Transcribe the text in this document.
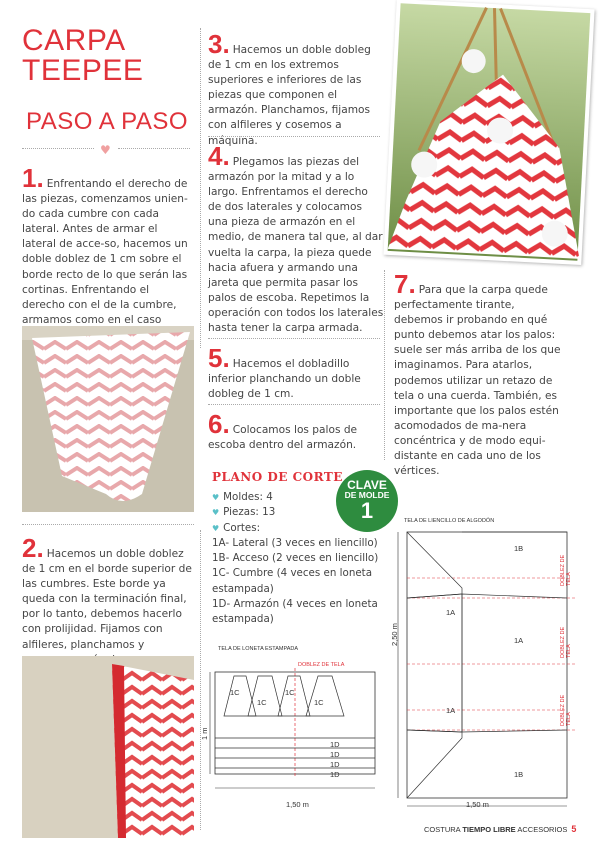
CARPA
TEEPEE
PASO A PASO
♥
1. Enfrentando el derecho de las piezas, comenzamos unien-do cada cumbre con cada lateral. Antes de armar el lateral de acce-so, hacemos un doble doblez de 1 cm sobre el borde recto de lo que serán las cortinas. Enfrentando el derecho con el de la cumbre, armamos como en el caso
2. Hacemos un doble doblez de 1 cm en el borde superior de las cumbres. Este borde ya queda con la terminación final, por lo tanto, debemos hacerlo con prolijidad. Fijamos con alfileres, planchamos y
3. Hacemos un doble dobleg de 1 cm en los extremos superiores e inferiores de las piezas que componen el armazón. Planchamos, fijamos con alfileres y cosemos a máquina.
4. Plegamos las piezas del armazón por la mitad y a lo largo. Enfrentamos el derecho de dos laterales y colocamos una pieza de armazón en el medio, de manera tal que, al dar vuelta la carpa, la pieza quede hacia afuera y armando una jareta que permita pasar los palos de escoba. Repetimos la operación con todos los laterales hasta tener la carpa armada.
5. Hacemos el dobladillo inferior planchando un doble dobleg de 1 cm.
6. Colocamos los palos de escoba dentro del armazón.
7. Para que la carpa quede perfectamente tirante, debemos ir probando en qué punto debemos atar los palos: suele ser más arriba de los que imaginamos. Para atarlos, podemos utilizar un retazo de tela o una cuerda. También, es importante que los palos estén acomodados de ma-nera concéntrica y de modo equi-distante en cada uno de los vértices.
PLANO DE CORTE
♥ Moldes: 4
♥ Piezas: 13
♥ Cortes:
1A- Lateral (3 veces en liencillo)
1B- Acceso (2 veces en liencillo)
1C- Cumbre (4 veces en loneta estampada)
1D- Armazón (4 veces en loneta estampada)
CLAVE
DE MOLDE
1
TELA DE LONETA ESTAMPADA
DOBLEZ DE TELA
1C
1C
1C
1C
1D
1D
1D
1D
1 m
1,50 m
TELA DE LIENCILLO DE ALGODÓN
1B
1A
1A
1A
1B
2,50 m
1,50 m
DOBLEZ DE TELA
DOBLEZ DE TELA
DOBLEZ DE TELA
COSTURA TIEMPO LIBRE ACCESORIOS 5
